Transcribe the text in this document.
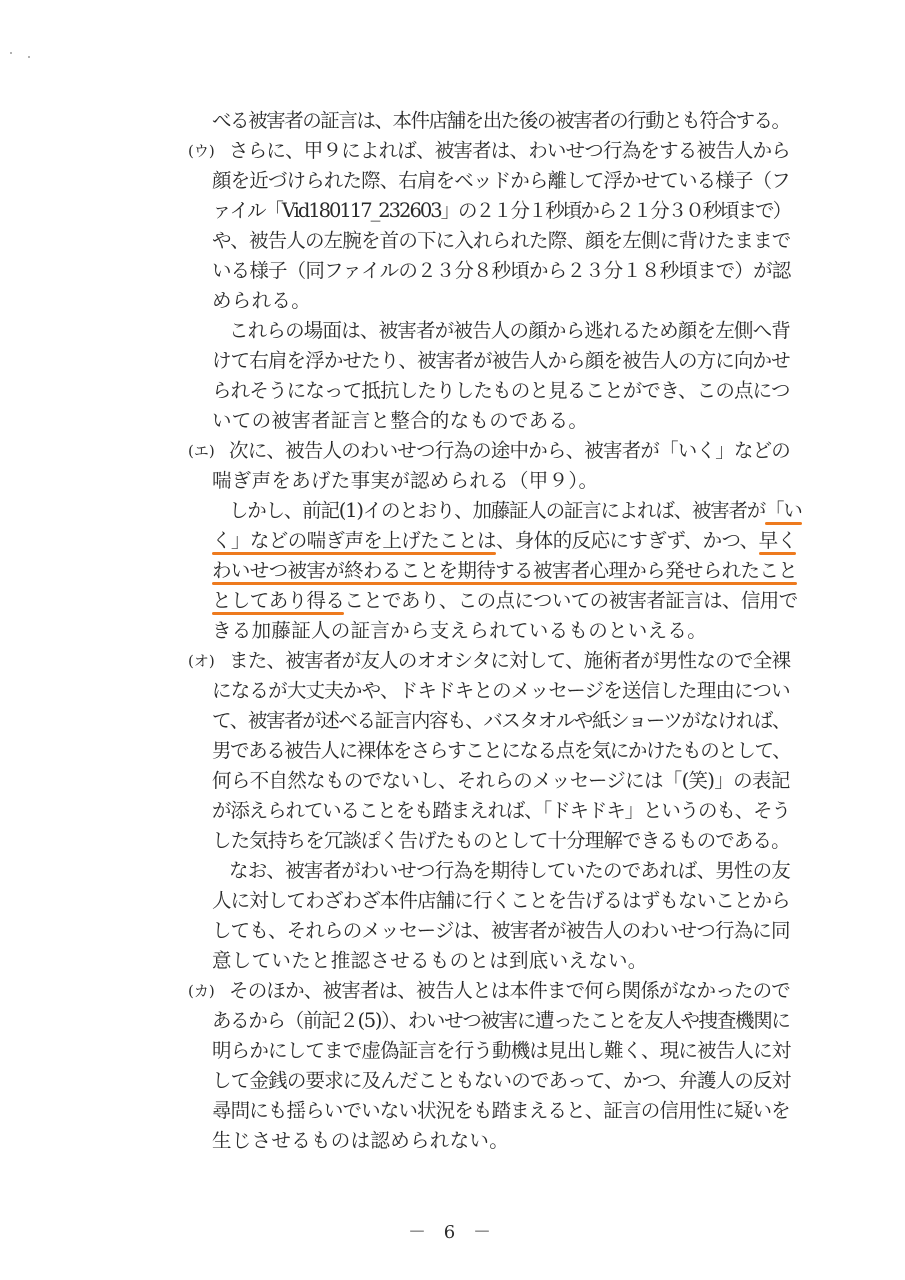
べる被害者の証言は、本件店舗を出た後の被害者の行動とも符合する。
(ウ) さらに、甲９によれば、被害者は、わいせつ行為をする被告人から
顔を近づけられた際、右肩をベッドから離して浮かせている様子（フ
ァイル「Vid180117_232603」の２１分１秒頃から２１分３０秒頃まで）
や、被告人の左腕を首の下に入れられた際、顔を左側に背けたままで
いる様子（同ファイルの２３分８秒頃から２３分１８秒頃まで）が認
められる。
これらの場面は、被害者が被告人の顔から逃れるため顔を左側へ背
けて右肩を浮かせたり、被害者が被告人から顔を被告人の方に向かせ
られそうになって抵抗したりしたものと見ることができ、この点につ
いての被害者証言と整合的なものである。
(エ) 次に、被告人のわいせつ行為の途中から、被害者が「いく」などの
喘ぎ声をあげた事実が認められる（甲９）。
しかし、前記(1)イのとおり、加藤証人の証言によれば、被害者が「い
く」などの喘ぎ声を上げたことは、身体的反応にすぎず、かつ、早く
わいせつ被害が終わることを期待する被害者心理から発せられたこと
としてあり得ることであり、この点についての被害者証言は、信用で
きる加藤証人の証言から支えられているものといえる。
(オ) また、被害者が友人のオオシタに対して、施術者が男性なので全裸
になるが大丈夫かや、ドキドキとのメッセージを送信した理由につい
て、被害者が述べる証言内容も、バスタオルや紙ショーツがなければ、
男である被告人に裸体をさらすことになる点を気にかけたものとして、
何ら不自然なものでないし、それらのメッセージには「(笑)」の表記
が添えられていることをも踏まえれば、「ドキドキ」というのも、そう
した気持ちを冗談ぽく告げたものとして十分理解できるものである。
なお、被害者がわいせつ行為を期待していたのであれば、男性の友
人に対してわざわざ本件店舗に行くことを告げるはずもないことから
しても、それらのメッセージは、被害者が被告人のわいせつ行為に同
意していたと推認させるものとは到底いえない。
(カ) そのほか、被害者は、被告人とは本件まで何ら関係がなかったので
あるから（前記２(5)）、わいせつ被害に遭ったことを友人や捜査機関に
明らかにしてまで虚偽証言を行う動機は見出し難く、現に被告人に対
して金銭の要求に及んだこともないのであって、かつ、弁護人の反対
尋問にも揺らいでいない状況をも踏まえると、証言の信用性に疑いを
生じさせるものは認められない。
－ 6 －
